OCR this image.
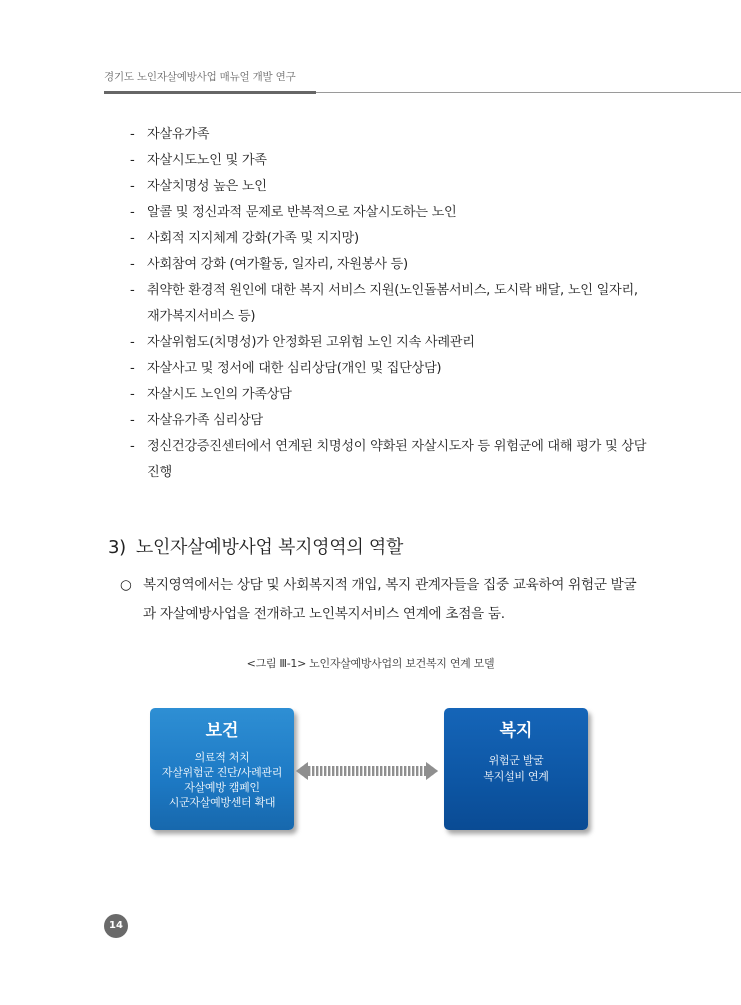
경기도 노인자살예방사업 매뉴얼 개발 연구
- 자살유가족
- 자살시도노인 및 가족
- 자살치명성 높은 노인
- 알콜 및 정신과적 문제로 반복적으로 자살시도하는 노인
- 사회적 지지체계 강화(가족 및 지지망)
- 사회참여 강화 (여가활동, 일자리, 자원봉사 등)
- 취약한 환경적 원인에 대한 복지 서비스 지원(노인돌봄서비스, 도시락 배달, 노인 일자리, 재가복지서비스 등)
- 자살위험도(치명성)가 안정화된 고위험 노인 지속 사례관리
- 자살사고 및 정서에 대한 심리상담(개인 및 집단상담)
- 자살시도 노인의 가족상담
- 자살유가족 심리상담
- 정신건강증진센터에서 연계된 치명성이 약화된 자살시도자 등 위험군에 대해 평가 및 상담진행
3) 노인자살예방사업 복지영역의 역할
○ 복지영역에서는 상담 및 사회복지적 개입, 복지 관계자들을 집중 교육하여 위험군 발굴과 자살예방사업을 전개하고 노인복지서비스 연계에 초점을 둠.
<그림 Ⅲ-1> 노인자살예방사업의 보건복지 연계 모델
보건
의료적 처치
자살위험군 진단/사례관리
자살예방 캠페인
시군자살예방센터 확대
복지
위험군 발굴
복지설비 연계
14
